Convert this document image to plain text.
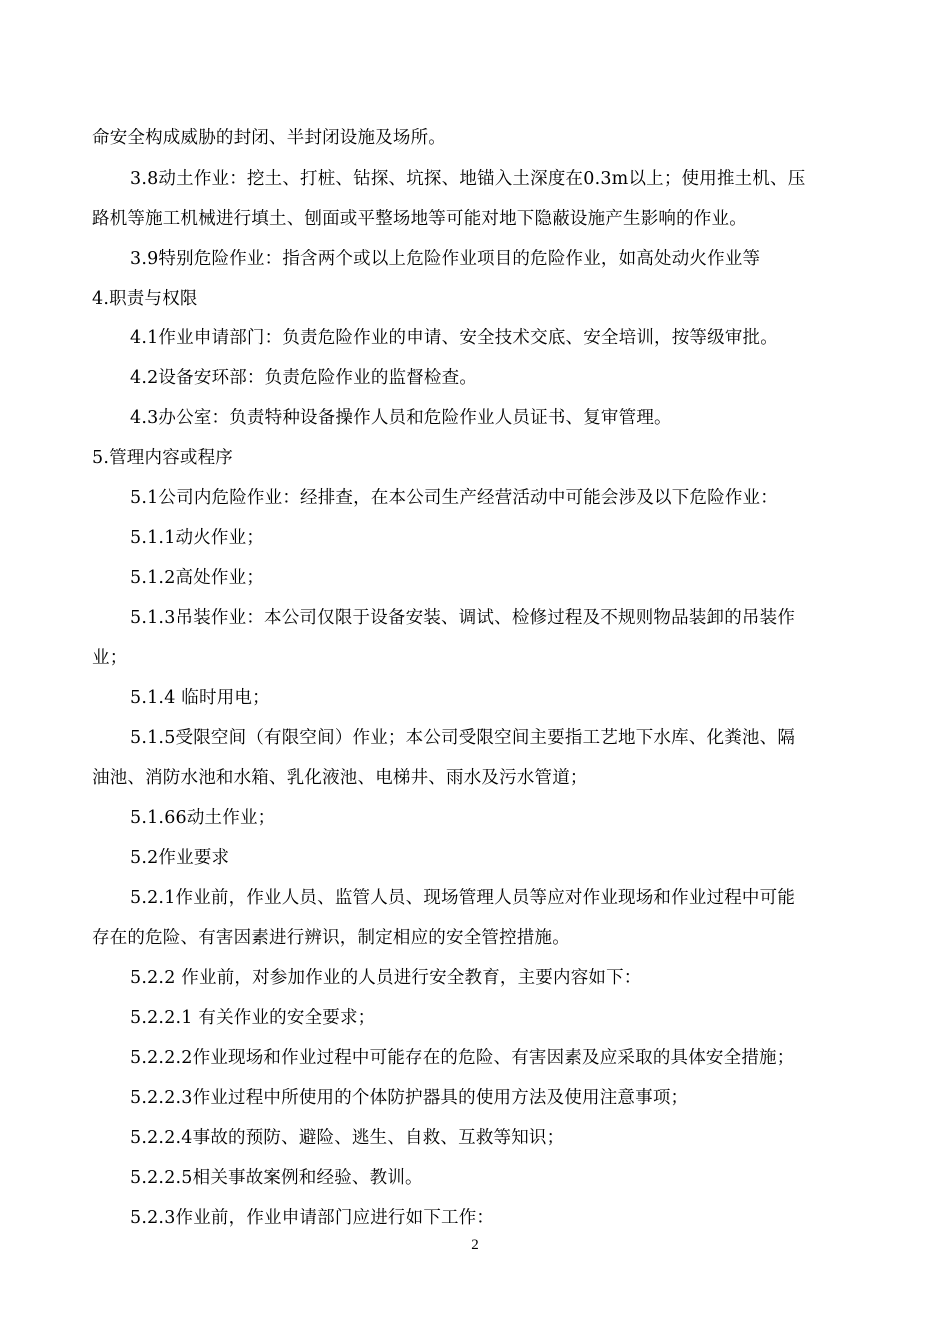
命安全构成威胁的封闭、半封闭设施及场所。
3.8动土作业：挖土、打桩、钻探、坑探、地锚入土深度在0.3m以上；使用推土机、压
路机等施工机械进行填土、刨面或平整场地等可能对地下隐蔽设施产生影响的作业。
3.9特别危险作业：指含两个或以上危险作业项目的危险作业，如高处动火作业等
4.职责与权限
4.1作业申请部门：负责危险作业的申请、安全技术交底、安全培训，按等级审批。
4.2设备安环部：负责危险作业的监督检查。
4.3办公室：负责特种设备操作人员和危险作业人员证书、复审管理。
5.管理内容或程序
5.1公司内危险作业：经排查，在本公司生产经营活动中可能会涉及以下危险作业：
5.1.1动火作业；
5.1.2高处作业；
5.1.3吊装作业：本公司仅限于设备安装、调试、检修过程及不规则物品装卸的吊装作
业；
5.1.4 临时用电；
5.1.5受限空间（有限空间）作业；本公司受限空间主要指工艺地下水库、化粪池、隔
油池、消防水池和水箱、乳化液池、电梯井、雨水及污水管道；
5.1.66动土作业；
5.2作业要求
5.2.1作业前，作业人员、监管人员、现场管理人员等应对作业现场和作业过程中可能
存在的危险、有害因素进行辨识，制定相应的安全管控措施。
5.2.2 作业前，对参加作业的人员进行安全教育，主要内容如下：
5.2.2.1 有关作业的安全要求；
5.2.2.2作业现场和作业过程中可能存在的危险、有害因素及应采取的具体安全措施；
5.2.2.3作业过程中所使用的个体防护器具的使用方法及使用注意事项；
5.2.2.4事故的预防、避险、逃生、自救、互救等知识；
5.2.2.5相关事故案例和经验、教训。
5.2.3作业前，作业申请部门应进行如下工作：
2
